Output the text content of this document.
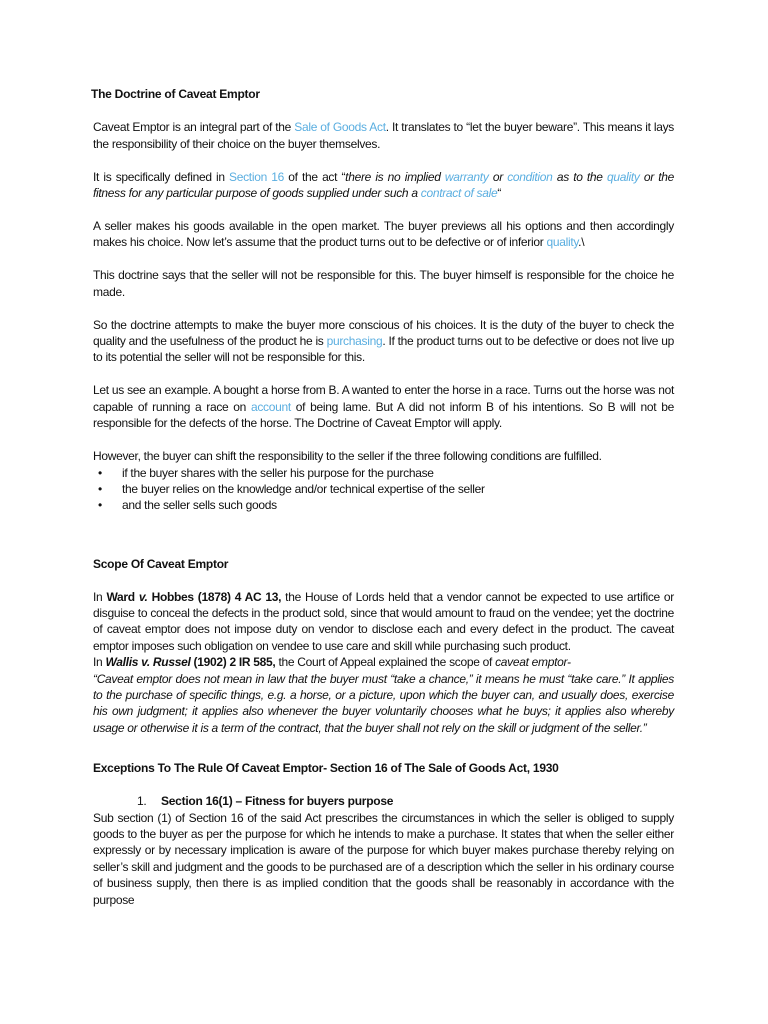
The Doctrine of Caveat Emptor

Caveat Emptor is an integral part of the Sale of Goods Act. It translates to “let the buyer beware”. This means it lays the responsibility of their choice on the buyer themselves.

It is specifically defined in Section 16 of the act “there is no implied warranty or condition as to the quality or the fitness for any particular purpose of goods supplied under such a contract of sale“

A seller makes his goods available in the open market. The buyer previews all his options and then accordingly makes his choice. Now let’s assume that the product turns out to be defective or of inferior quality.\

This doctrine says that the seller will not be responsible for this. The buyer himself is responsible for the choice he made.

So the doctrine attempts to make the buyer more conscious of his choices. It is the duty of the buyer to check the quality and the usefulness of the product he is purchasing. If the product turns out to be defective or does not live up to its potential the seller will not be responsible for this.

Let us see an example. A bought a horse from B. A wanted to enter the horse in a race. Turns out the horse was not capable of running a race on account of being lame. But A did not inform B of his intentions. So B will not be responsible for the defects of the horse. The Doctrine of Caveat Emptor will apply.

However, the buyer can shift the responsibility to the seller if the three following conditions are fulfilled.

• if the buyer shares with the seller his purpose for the purchase
• the buyer relies on the knowledge and/or technical expertise of the seller
• and the seller sells such goods
Scope Of Caveat Emptor

In Ward v. Hobbes (1878) 4 AC 13, the House of Lords held that a vendor cannot be expected to use artifice or disguise to conceal the defects in the product sold, since that would amount to fraud on the vendee; yet the doctrine of caveat emptor does not impose duty on vendor to disclose each and every defect in the product. The caveat emptor imposes such obligation on vendee to use care and skill while purchasing such product.

In Wallis v. Russel (1902) 2 IR 585, the Court of Appeal explained the scope of caveat emptor-

“Caveat emptor does not mean in law that the buyer must “take a chance,” it means he must “take care.” It applies to the purchase of specific things, e.g. a horse, or a picture, upon which the buyer can, and usually does, exercise his own judgment; it applies also whenever the buyer voluntarily chooses what he buys; it applies also whereby usage or otherwise it is a term of the contract, that the buyer shall not rely on the skill or judgment of the seller.”

Exceptions To The Rule Of Caveat Emptor- Section 16 of The Sale of Goods Act, 1930
1. Section 16(1) – Fitness for buyers purpose

Sub section (1) of Section 16 of the said Act prescribes the circumstances in which the seller is obliged to supply goods to the buyer as per the purpose for which he intends to make a purchase. It states that when the seller either expressly or by necessary implication is aware of the purpose for which buyer makes purchase thereby relying on seller’s skill and judgment and the goods to be purchased are of a description which the seller in his ordinary course of business supply, then there is as implied condition that the goods shall be reasonably in accordance with the purpose
